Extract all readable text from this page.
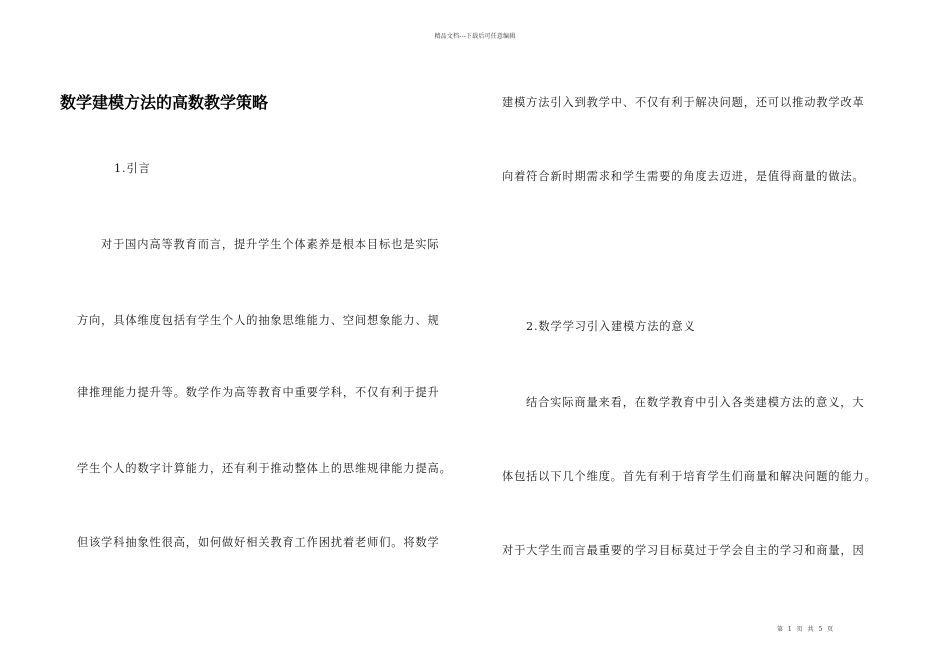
精品文档---下载后可任意编辑
数学建模方法的高数教学策略
1.引言
对于国内高等教育而言，提升学生个体素养是根本目标也是实际
方向，具体维度包括有学生个人的抽象思维能力、空间想象能力、规
律推理能力提升等。数学作为高等教育中重要学科，不仅有利于提升
学生个人的数字计算能力，还有利于推动整体上的思维规律能力提高。
但该学科抽象性很高，如何做好相关教育工作困扰着老师们。将数学
建模方法引入到教学中、不仅有利于解决问题，还可以推动教学改革
向着符合新时期需求和学生需要的角度去迈进，是值得商量的做法。
2.数学学习引入建模方法的意义
结合实际商量来看，在数学教育中引入各类建模方法的意义，大
体包括以下几个维度。首先有利于培育学生们商量和解决问题的能力。
对于大学生而言最重要的学习目标莫过于学会自主的学习和商量，因
第 1 页 共 5 页
